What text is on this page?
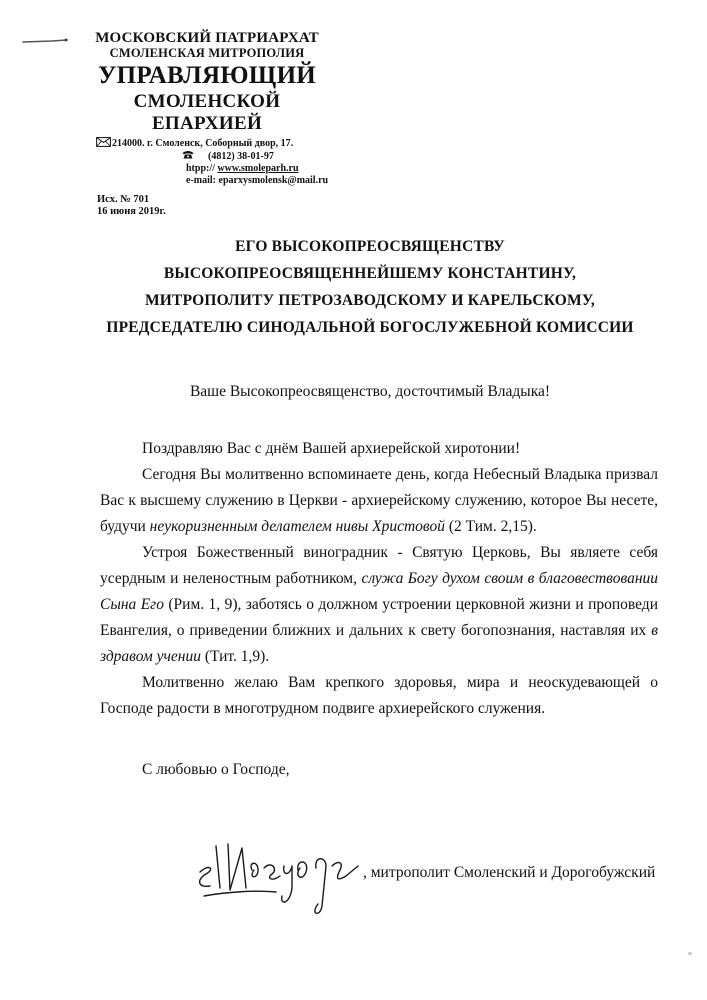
МОСКОВСКИЙ ПАТРИАРХАТ
СМОЛЕНСКАЯ МИТРОПОЛИЯ
УПРАВЛЯЮЩИЙ
СМОЛЕНСКОЙ
ЕПАРХИЕЙ
214000. г. Смоленск, Соборный двор, 17.
(4812) 38-01-97
htpp:// www.smoleparh.ru
e-mail: eparxysmolensk@mail.ru
Исх. № 701
16 июня 2019г.
ЕГО ВЫСОКОПРЕОСВЯЩЕНСТВУ
ВЫСОКОПРЕОСВЯЩЕННЕЙШЕМУ КОНСТАНТИНУ,
МИТРОПОЛИТУ ПЕТРОЗАВОДСКОМУ И КАРЕЛЬСКОМУ,
ПРЕДСЕДАТЕЛЮ СИНОДАЛЬНОЙ БОГОСЛУЖЕБНОЙ КОМИССИИ
Ваше Высокопреосвященство, досточтимый Владыка!

Поздравляю Вас с днём Вашей архиерейской хиротонии!

Сегодня Вы молитвенно вспоминаете день, когда Небесный Владыка призвал Вас к высшему служению в Церкви - архиерейскому служению, которое Вы несете, будучи неукоризненным делателем нивы Христовой (2 Тим. 2,15).

Устроя Божественный виноградник - Святую Церковь, Вы являете себя усердным и неленостным работником, служа Богу духом своим в благовествовании Сына Его (Рим. 1, 9), заботясь о должном устроении церковной жизни и проповеди Евангелия, о приведении ближних и дальних к свету богопознания, наставляя их в здравом учении (Тит. 1,9).

Молитвенно желаю Вам крепкого здоровья, мира и неоскудевающей о Господе радости в многотрудном подвиге архиерейского служения.

С любовью о Господе,
, митрополит Смоленский и Дорогобужский
